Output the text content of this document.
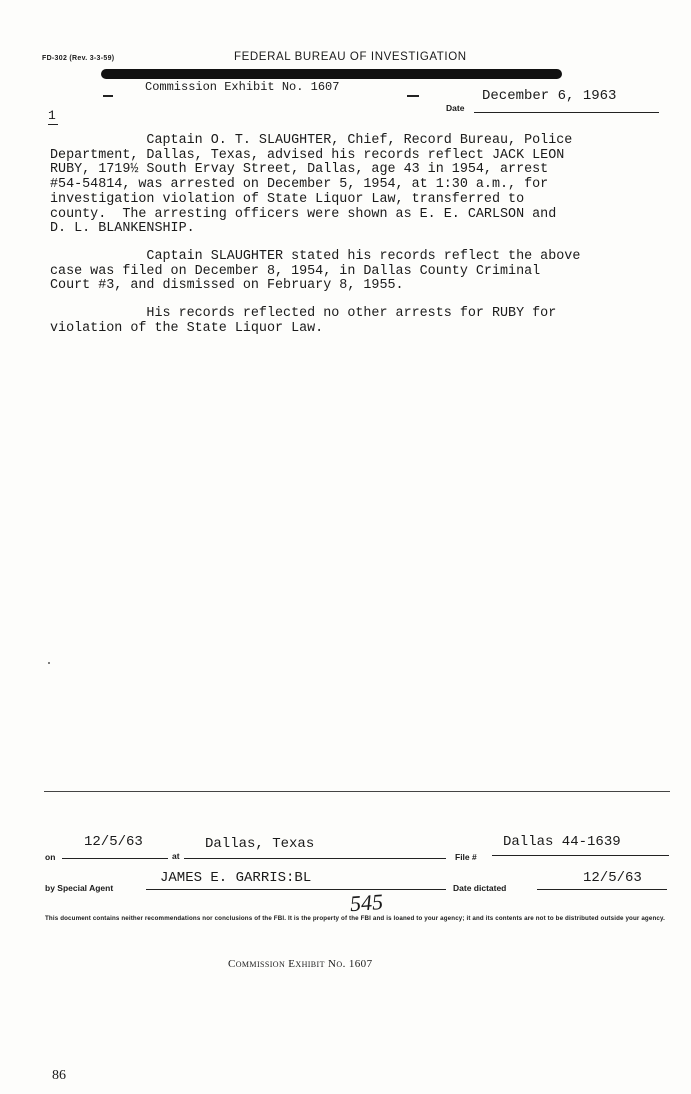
FD-302 (Rev. 3-3-59)	FEDERAL BUREAU OF INVESTIGATION
Commission Exhibit No. 1607
December 6, 1963
Date
1

Captain O. T. SLAUGHTER, Chief, Record Bureau, Police
Department, Dallas, Texas, advised his records reflect JACK LEON
RUBY, 1719½ South Ervay Street, Dallas, age 43 in 1954, arrest
#54-54814, was arrested on December 5, 1954, at 1:30 a.m., for
investigation violation of State Liquor Law, transferred to
county.  The arresting officers were shown as E. E. CARLSON and
D. L. BLANKENSHIP.

Captain SLAUGHTER stated his records reflect the above
case was filed on December 8, 1954, in Dallas County Criminal
Court #3, and dismissed on February 8, 1955.

His records reflected no other arrests for RUBY for
violation of the State Liquor Law.

on
12/5/63
at
Dallas, Texas
File #
Dallas 44-1639
by Special Agent
JAMES E. GARRIS:BL
Date dictated
12/5/63
545
This document contains neither recommendations nor conclusions of the FBI. It is the property of the FBI and is loaned to your agency; it and its contents are not to be distributed outside your agency.
Commission Exhibit No. 1607
86
